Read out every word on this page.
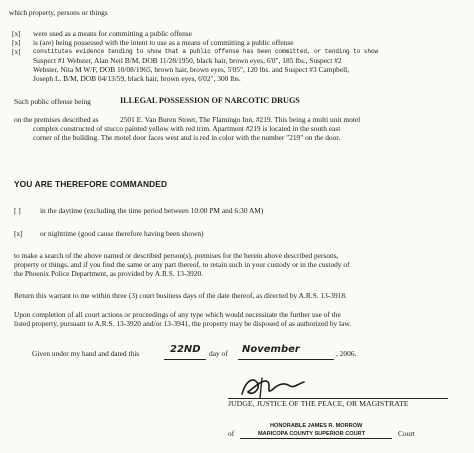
which property, persons or things
[x] were used as a means for committing a public offense
[x] is (are) being possessed with the intent to use as a means of committing a public offense
[x] constitutes evidence tending to show that a public offense has been committed, or tending to show
Suspect #1 Webster, Alan Neil B/M, DOB 11/28/1950, black hair, brown eyes, 6'0", 185 lbs., Suspect #2
Webster, Nita M W/F, DOB 10/08/1965, brown hair, brown eyes, 5'05", 120 lbs. and Suspect #3 Campbell,
Joseph L. B/M, DOB 04/13/59, black hair, brown eyes, 6'02", 300 lbs.
Such public offense being	ILLEGAL POSSESSION OF NARCOTIC DRUGS
on the premises described as	2501 E. Van Buren Street, The Flamingo Inn, #219. This being a multi unit motel
complex constructed of stucco painted yellow with red trim. Apartment #219 is located in the south east
corner of the building. The motel door faces west and is red in color with the number "219" on the door.
YOU ARE THEREFORE COMMANDED
[ ]	in the daytime (excluding the time period between 10:00 PM and 6:30 AM)
[x] or nighttime (good cause therefore having been shown)
to make a search of the above named or described person(s), premises for the herein above described persons,
property or things, and if you find the same or any part thereof, to retain such in your custody or in the custody of
the Phoenix Police Department, as provided by A.R.S. 13-3920.
Return this warrant to me within three (3) court business days of the date thereof, as directed by A.R.S. 13-3918.
Upon completion of all court actions or proceedings of any type which would necessitate the further use of the
listed property, pursuant to A.R.S. 13-3920 and/or 13-3941, the property may be disposed of as authorized by law.
Given under my hand and dated this	22ND day of November	, 2006.
JUDGE, JUSTICE OF THE PEACE, OR MAGISTRATE
HONORABLE JAMES R. MORROW
of	MARICOPA COUNTY SUPERIOR COURT	Court
